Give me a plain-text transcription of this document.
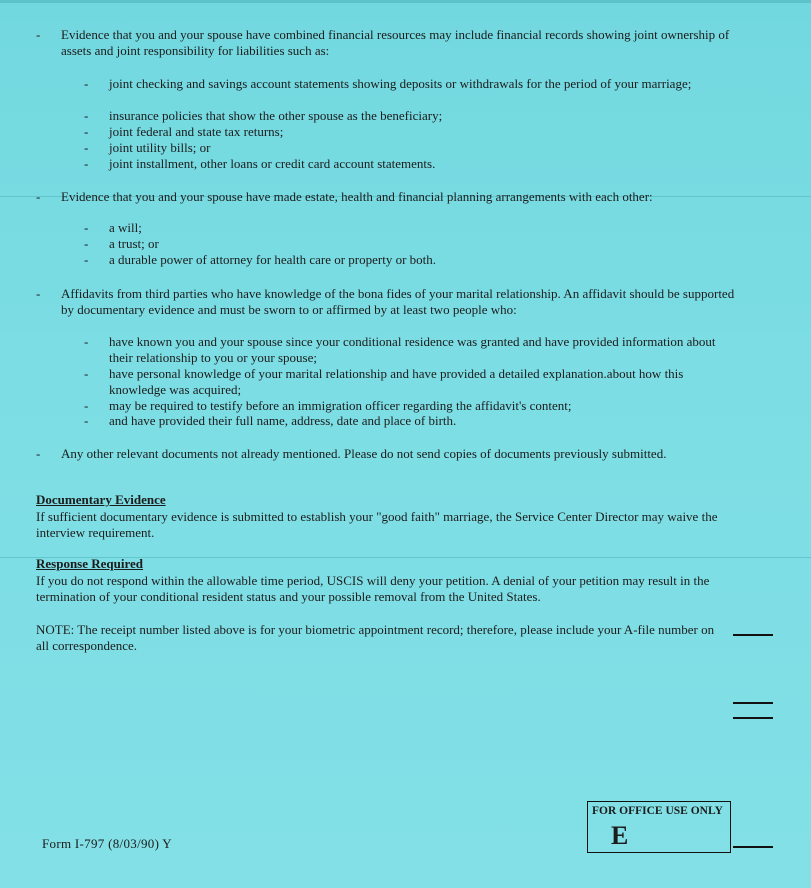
- Evidence that you and your spouse have combined financial resources may include financial records showing joint ownership of assets and joint responsibility for liabilities such as:
- joint checking and savings account statements showing deposits or withdrawals for the period of your marriage;
- insurance policies that show the other spouse as the beneficiary;
- joint federal and state tax returns;
- joint utility bills; or
- joint installment, other loans or credit card account statements.
- Evidence that you and your spouse have made estate, health and financial planning arrangements with each other:
- a will;
- a trust; or
- a durable power of attorney for health care or property or both.
- Affidavits from third parties who have knowledge of the bona fides of your marital relationship. An affidavit should be supported by documentary evidence and must be sworn to or affirmed by at least two people who:
- have known you and your spouse since your conditional residence was granted and have provided information about their relationship to you or your spouse;
- have personal knowledge of your marital relationship and have provided a detailed explanation.about how this knowledge was acquired;
- may be required to testify before an immigration officer regarding the affidavit's content;
- and have provided their full name, address, date and place of birth.
- Any other relevant documents not already mentioned. Please do not send copies of documents previously submitted.
Documentary Evidence
If sufficient documentary evidence is submitted to establish your "good faith" marriage, the Service Center Director may waive the interview requirement.
Response Required
If you do not respond within the allowable time period, USCIS will deny your petition. A denial of your petition may result in the termination of your conditional resident status and your possible removal from the United States.
NOTE: The receipt number listed above is for your biometric appointment record; therefore, please include your A-file number on all correspondence.
Form I-797 (8/03/90) Y
FOR OFFICE USE ONLY
E
